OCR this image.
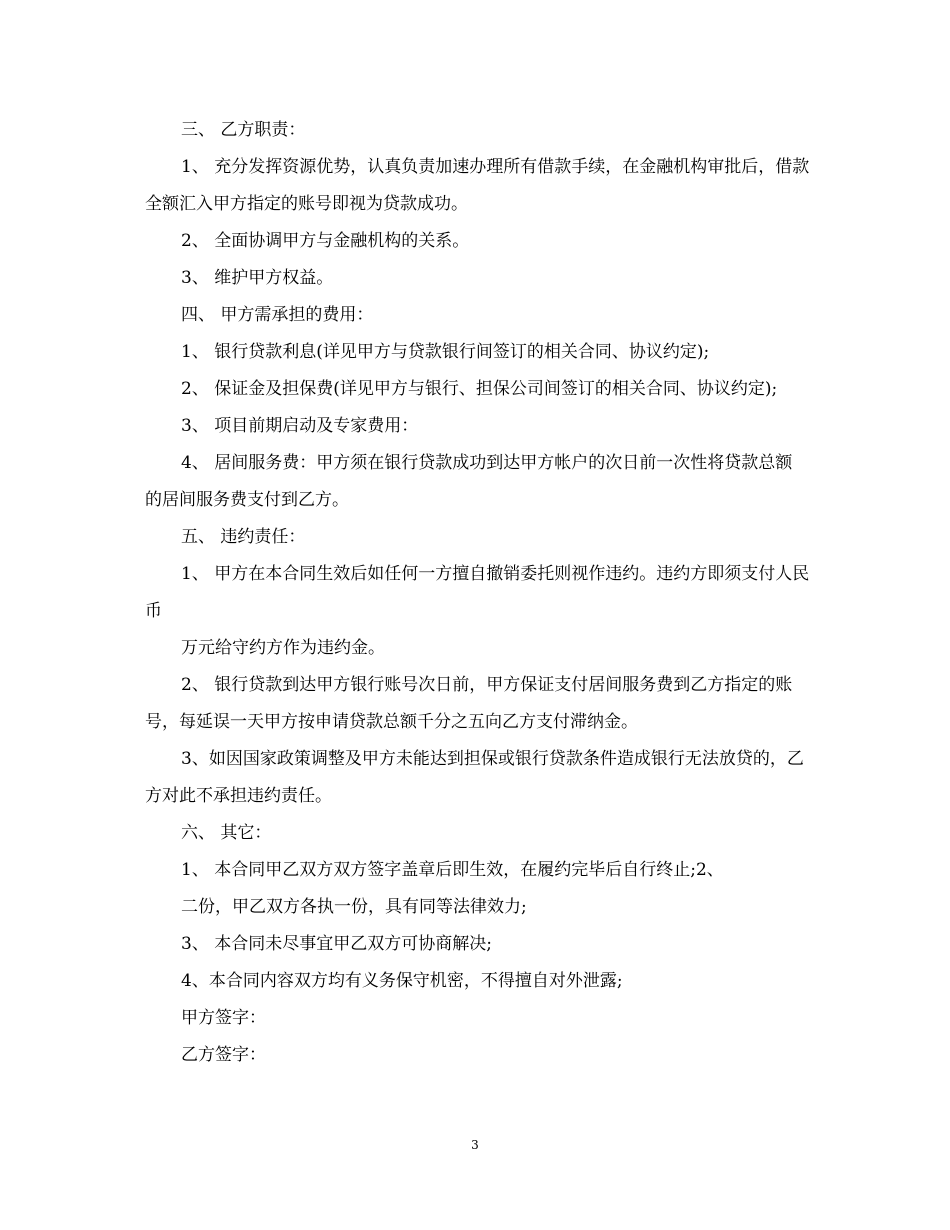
三、 乙方职责：

1、 充分发挥资源优势，认真负责加速办理所有借款手续，在金融机构审批后，借款全额汇入甲方指定的账号即视为贷款成功。

2、 全面协调甲方与金融机构的关系。

3、 维护甲方权益。

四、 甲方需承担的费用：

1、 银行贷款利息(详见甲方与贷款银行间签订的相关合同、协议约定);

2、 保证金及担保费(详见甲方与银行、担保公司间签订的相关合同、协议约定);

3、 项目前期启动及专家费用：

4、 居间服务费：甲方须在银行贷款成功到达甲方帐户的次日前一次性将贷款总额 的居间服务费支付到乙方。

五、 违约责任：

1、 甲方在本合同生效后如任何一方擅自撤销委托则视作违约。违约方即须支付人民币

万元给守约方作为违约金。

2、 银行贷款到达甲方银行账号次日前，甲方保证支付居间服务费到乙方指定的账号，每延误一天甲方按申请贷款总额千分之五向乙方支付滞纳金。

3、如因国家政策调整及甲方未能达到担保或银行贷款条件造成银行无法放贷的，乙方对此不承担违约责任。

六、 其它：

1、 本合同甲乙双方双方签字盖章后即生效，在履约完毕后自行终止;2、

二份，甲乙双方各执一份，具有同等法律效力;

3、 本合同未尽事宜甲乙双方可协商解决;

4、本合同内容双方均有义务保守机密，不得擅自对外泄露;

甲方签字：

乙方签字：

3
